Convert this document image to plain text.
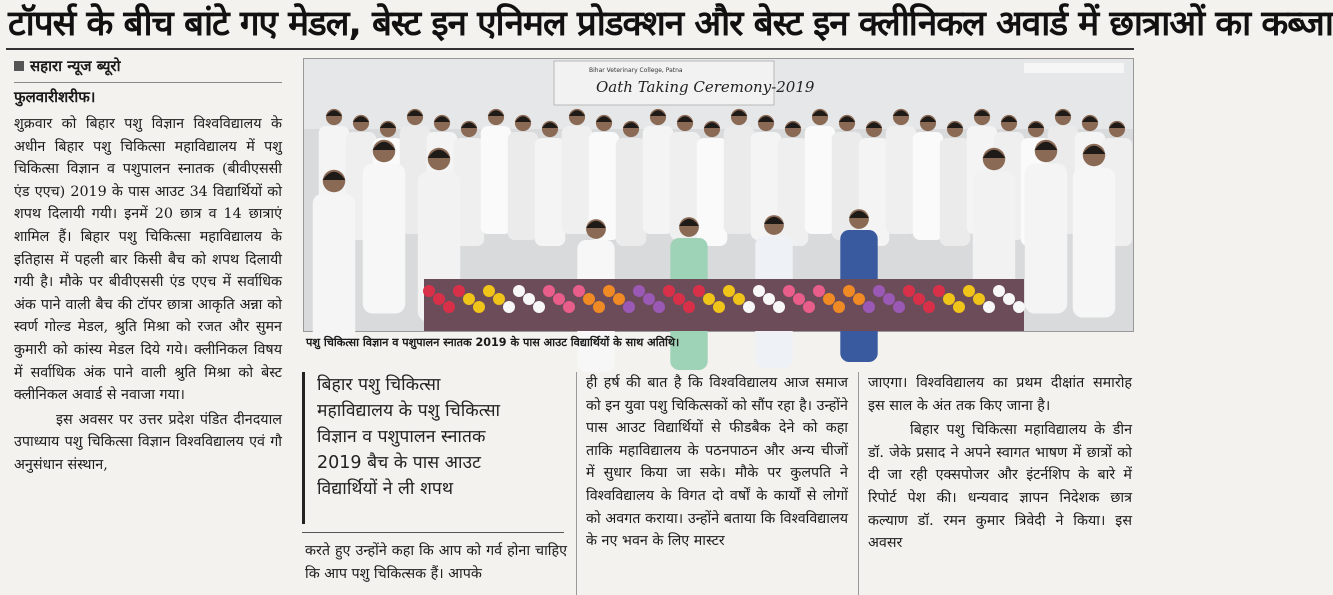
टॉपर्स के बीच बांटे गए मेडल, बेस्ट इन एनिमल प्रोडक्शन और बेस्ट इन क्लीनिकल अवार्ड में छात्राओं का कब्जा
सहारा न्यूज ब्यूरो
फुलवारीशरीफ।

शुक्रवार को बिहार पशु विज्ञान विश्वविद्यालय के अधीन बिहार पशु चिकित्सा महाविद्यालय में पशु चिकित्सा विज्ञान व पशुपालन स्नातक (बीवीएससी एंड एएच) 2019 के पास आउट 34 विद्यार्थियों को शपथ दिलायी गयी। इनमें 20 छात्र व 14 छात्राएं शामिल हैं। बिहार पशु चिकित्सा महाविद्यालय के इतिहास में पहली बार किसी बैच को शपथ दिलायी गयी है। मौके पर बीवीएससी एंड एएच में सर्वाधिक अंक पाने वाली बैच की टॉपर छात्रा आकृति अन्ना को स्वर्ण गोल्ड मेडल, श्रुति मिश्रा को रजत और सुमन कुमारी को कांस्य मेडल दिये गये। क्लीनिकल विषय में सर्वाधिक अंक पाने वाली श्रुति मिश्रा को बेस्ट क्लीनिकल अवार्ड से नवाजा गया।

इस अवसर पर उत्तर प्रदेश पंडित दीनदयाल उपाध्याय पशु चिकित्सा विज्ञान विश्वविद्यालय एवं गौ अनुसंधान संस्थान,

Bihar Veterinary College, Patna
Oath Taking Ceremony-2019
पशु चिकित्सा विज्ञान व पशुपालन स्नातक 2019 के पास आउट विद्यार्थियों के साथ अतिथि।
बिहार पशु चिकित्सा
महाविद्यालय के पशु चिकित्सा
विज्ञान व पशुपालन स्नातक
2019 बैच के पास आउट
विद्यार्थियों ने ली शपथ

करते हुए उन्होंने कहा कि आप को गर्व होना चाहिए कि आप पशु चिकित्सक हैं। आपके

ही हर्ष की बात है कि विश्वविद्यालय आज समाज को इन युवा पशु चिकित्सकों को सौंप रहा है। उन्होंने पास आउट विद्यार्थियों से फीडबैक देने को कहा ताकि महाविद्यालय के पठनपाठन और अन्य चीजों में सुधार किया जा सके। मौके पर कुलपति ने विश्वविद्यालय के विगत दो वर्षों के कार्यों से लोगों को अवगत कराया। उन्होंने बताया कि विश्वविद्यालय के नए भवन के लिए मास्टर

जाएगा। विश्वविद्यालय का प्रथम दीक्षांत समारोह इस साल के अंत तक किए जाना है।

बिहार पशु चिकित्सा महाविद्यालय के डीन डॉ. जेके प्रसाद ने अपने स्वागत भाषण में छात्रों को दी जा रही एक्सपोजर और इंटर्नशिप के बारे में रिपोर्ट पेश की। धन्यवाद ज्ञापन निदेशक छात्र कल्याण डॉ. रमन कुमार त्रिवेदी ने किया। इस अवसर
